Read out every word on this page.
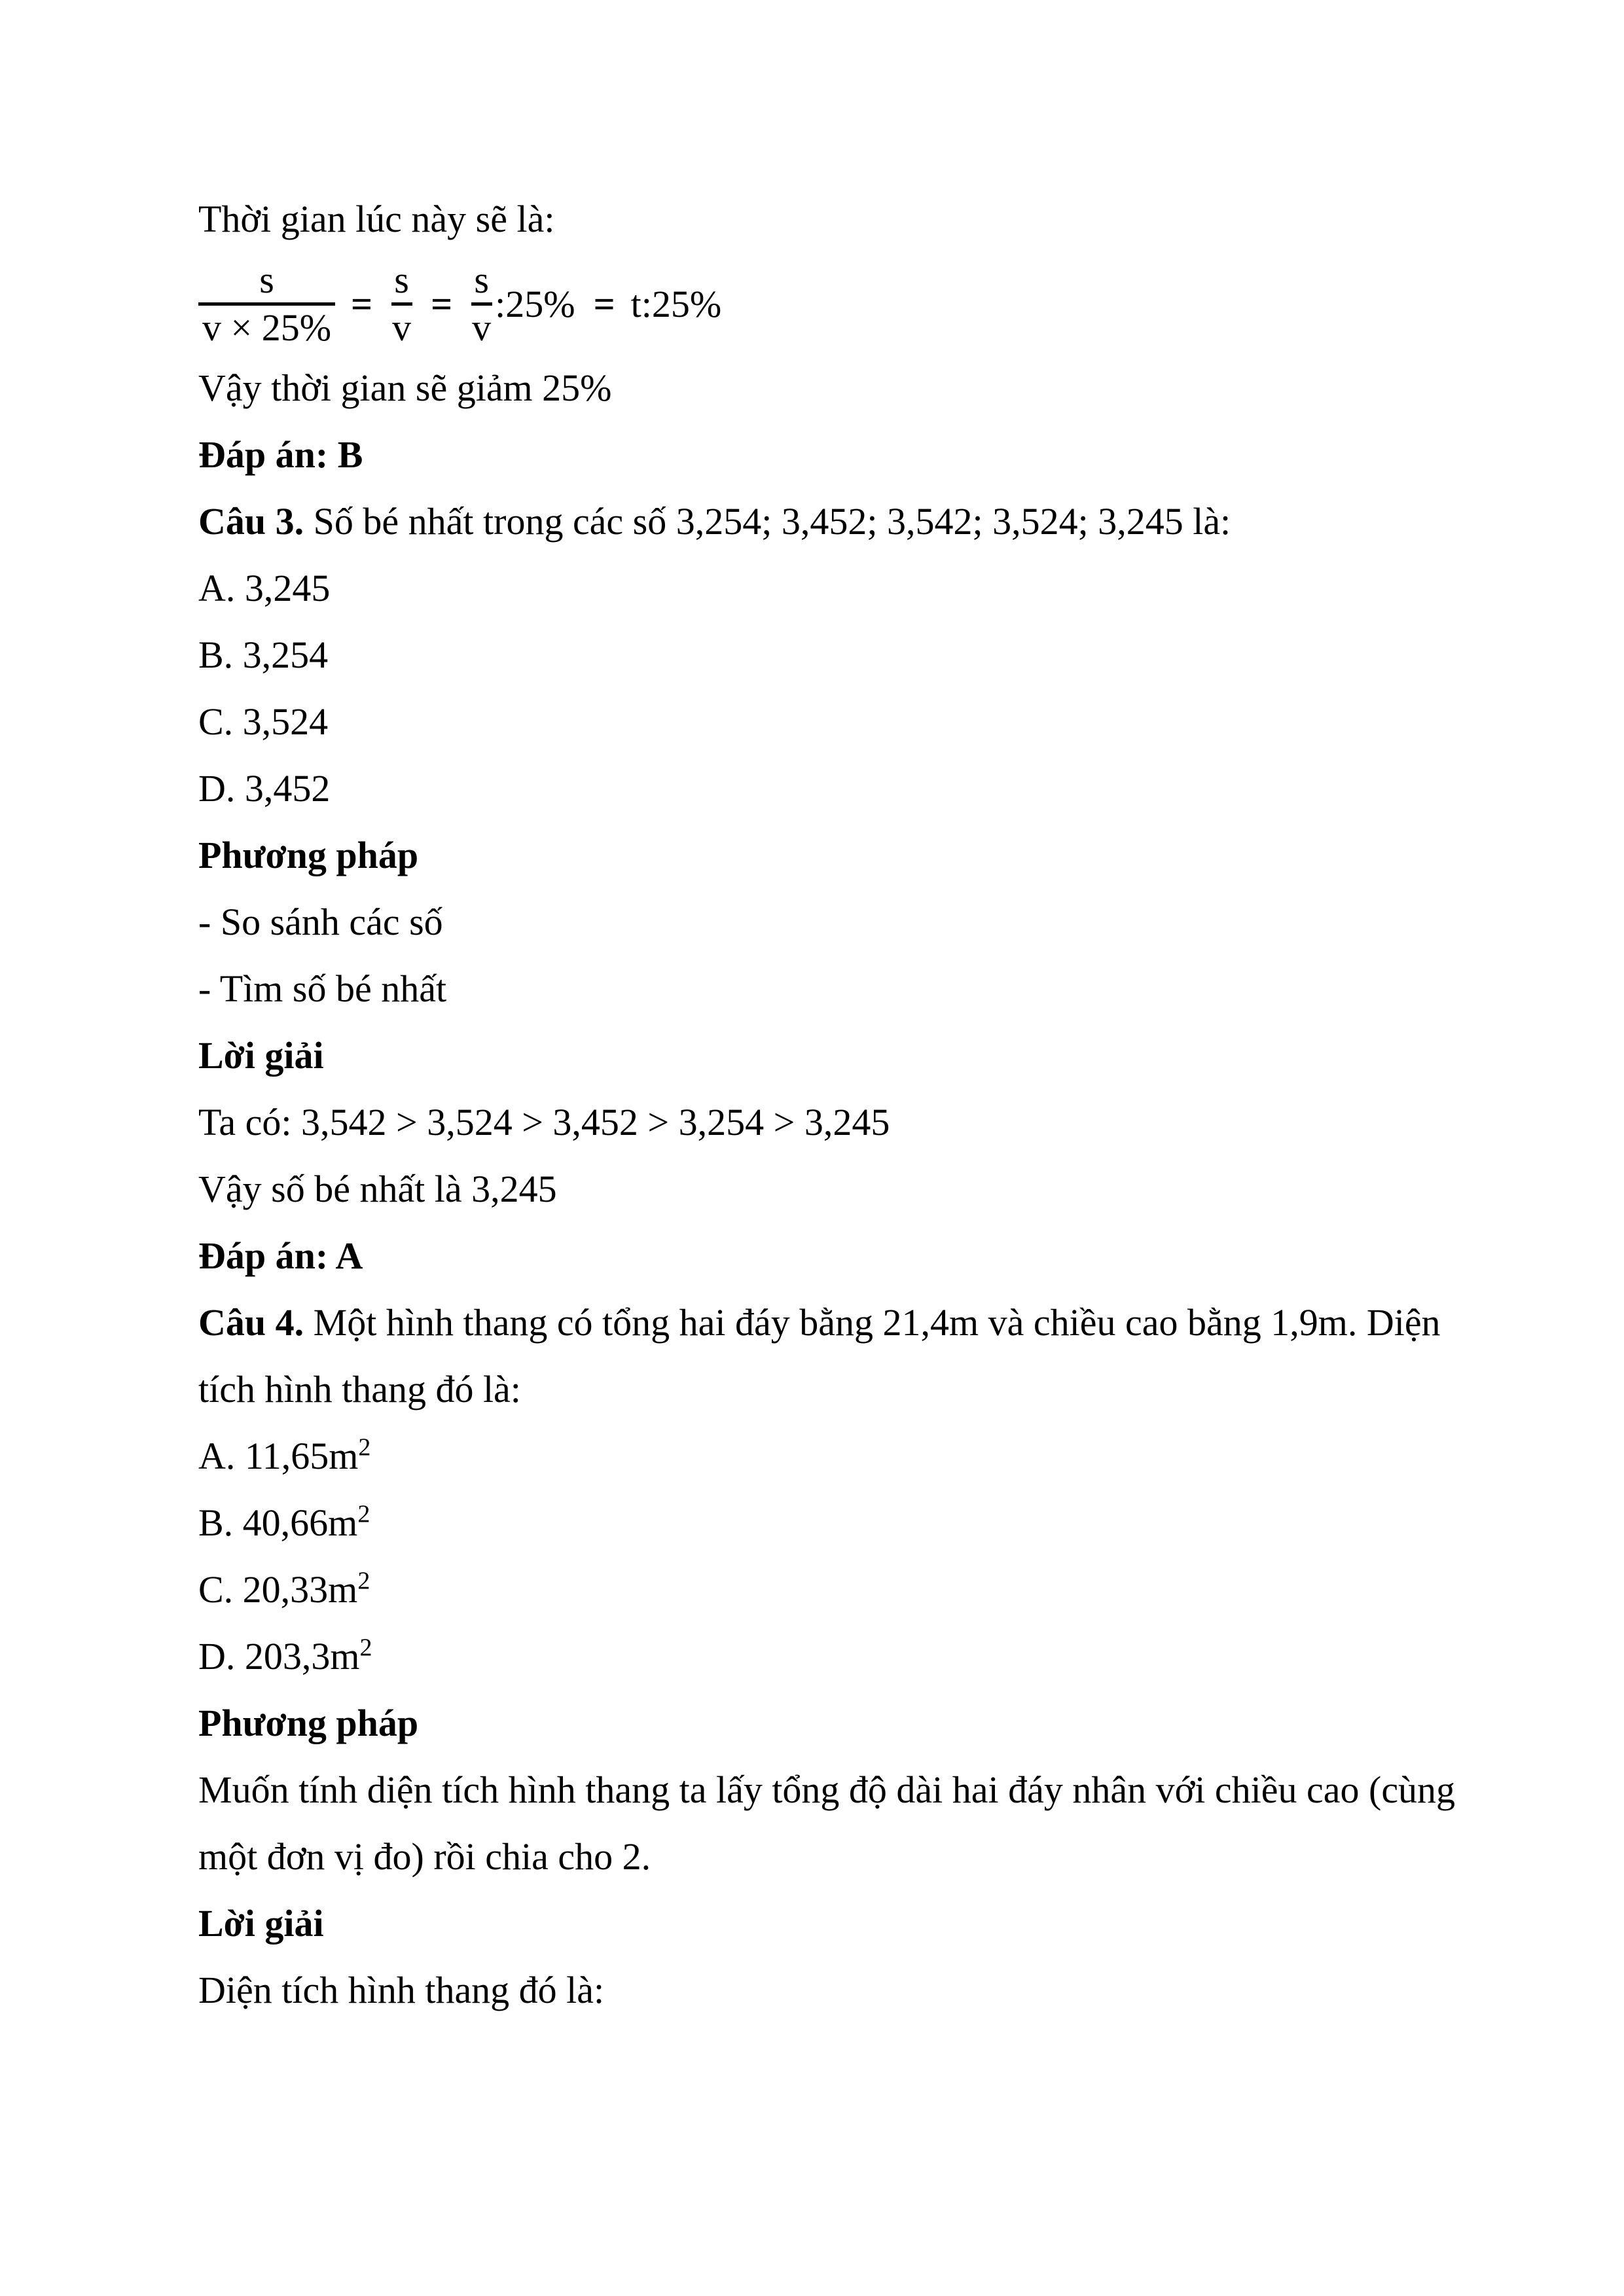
Thời gian lúc này sẽ là:

s
v × 25%
=
s
v
=
s
v
:25% = t:25%

Vậy thời gian sẽ giảm 25%

Đáp án: B

Câu 3. Số bé nhất trong các số 3,254; 3,452; 3,542; 3,524; 3,245 là:

A. 3,245

B. 3,254

C. 3,524

D. 3,452

Phương pháp

- So sánh các số

- Tìm số bé nhất

Lời giải

Ta có: 3,542 > 3,524 > 3,452 > 3,254 > 3,245

Vậy số bé nhất là 3,245

Đáp án: A

Câu 4. Một hình thang có tổng hai đáy bằng 21,4m và chiều cao bằng 1,9m. Diện

tích hình thang đó là:

A. $11,65m^2$

B. $40,66m^2$

C. $20,33m^2$

D. $203,3m^2$

Phương pháp

Muốn tính diện tích hình thang ta lấy tổng độ dài hai đáy nhân với chiều cao (cùng

một đơn vị đo) rồi chia cho 2.

Lời giải

Diện tích hình thang đó là:
